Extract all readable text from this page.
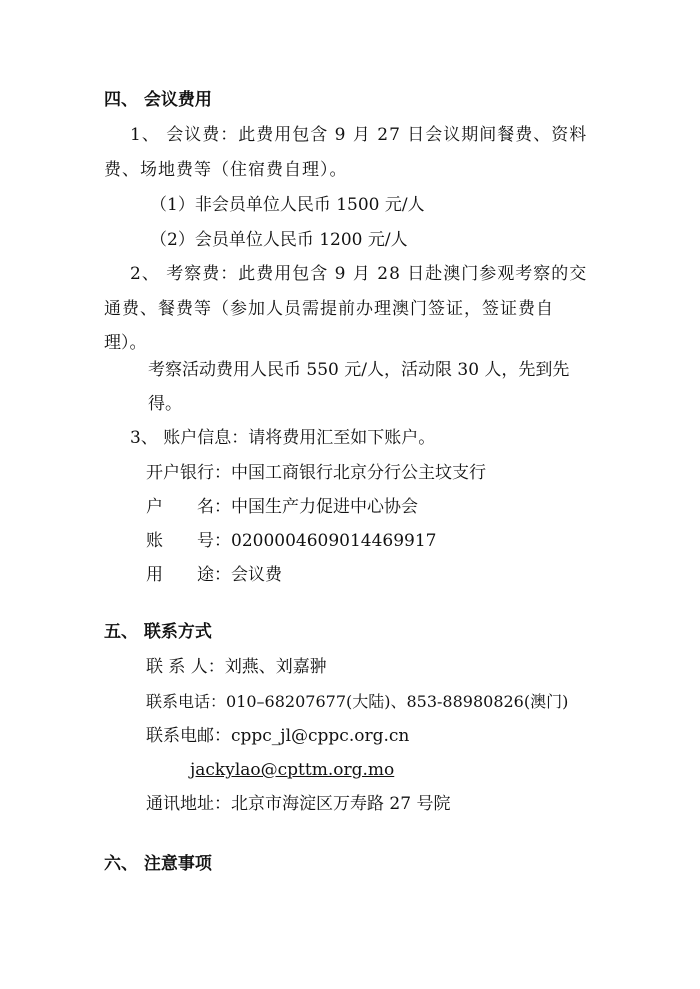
四、 会议费用
1、 会议费：此费用包含 9 月 27 日会议期间餐费、资料
费、场地费等（住宿费自理）。
（1）非会员单位人民币 1500 元/人
（2）会员单位人民币 1200 元/人
2、 考察费：此费用包含 9 月 28 日赴澳门参观考察的交
通费、餐费等（参加人员需提前办理澳门签证，签证费自
理）。
考察活动费用人民币 550 元/人，活动限 30 人，先到先
得。
3、 账户信息：请将费用汇至如下账户。
开户银行：中国工商银行北京分行公主坟支行
户　　名：中国生产力促进中心协会
账　　号：0200004609014469917
用　　途：会议费
五、 联系方式
联 系 人：刘燕、刘嘉翀
联系电话：010–68207677(大陆)、853-88980826(澳门)
联系电邮：cppc_jl@cppc.org.cn
jackylao@cpttm.org.mo
通讯地址：北京市海淀区万寿路 27 号院
六、 注意事项
